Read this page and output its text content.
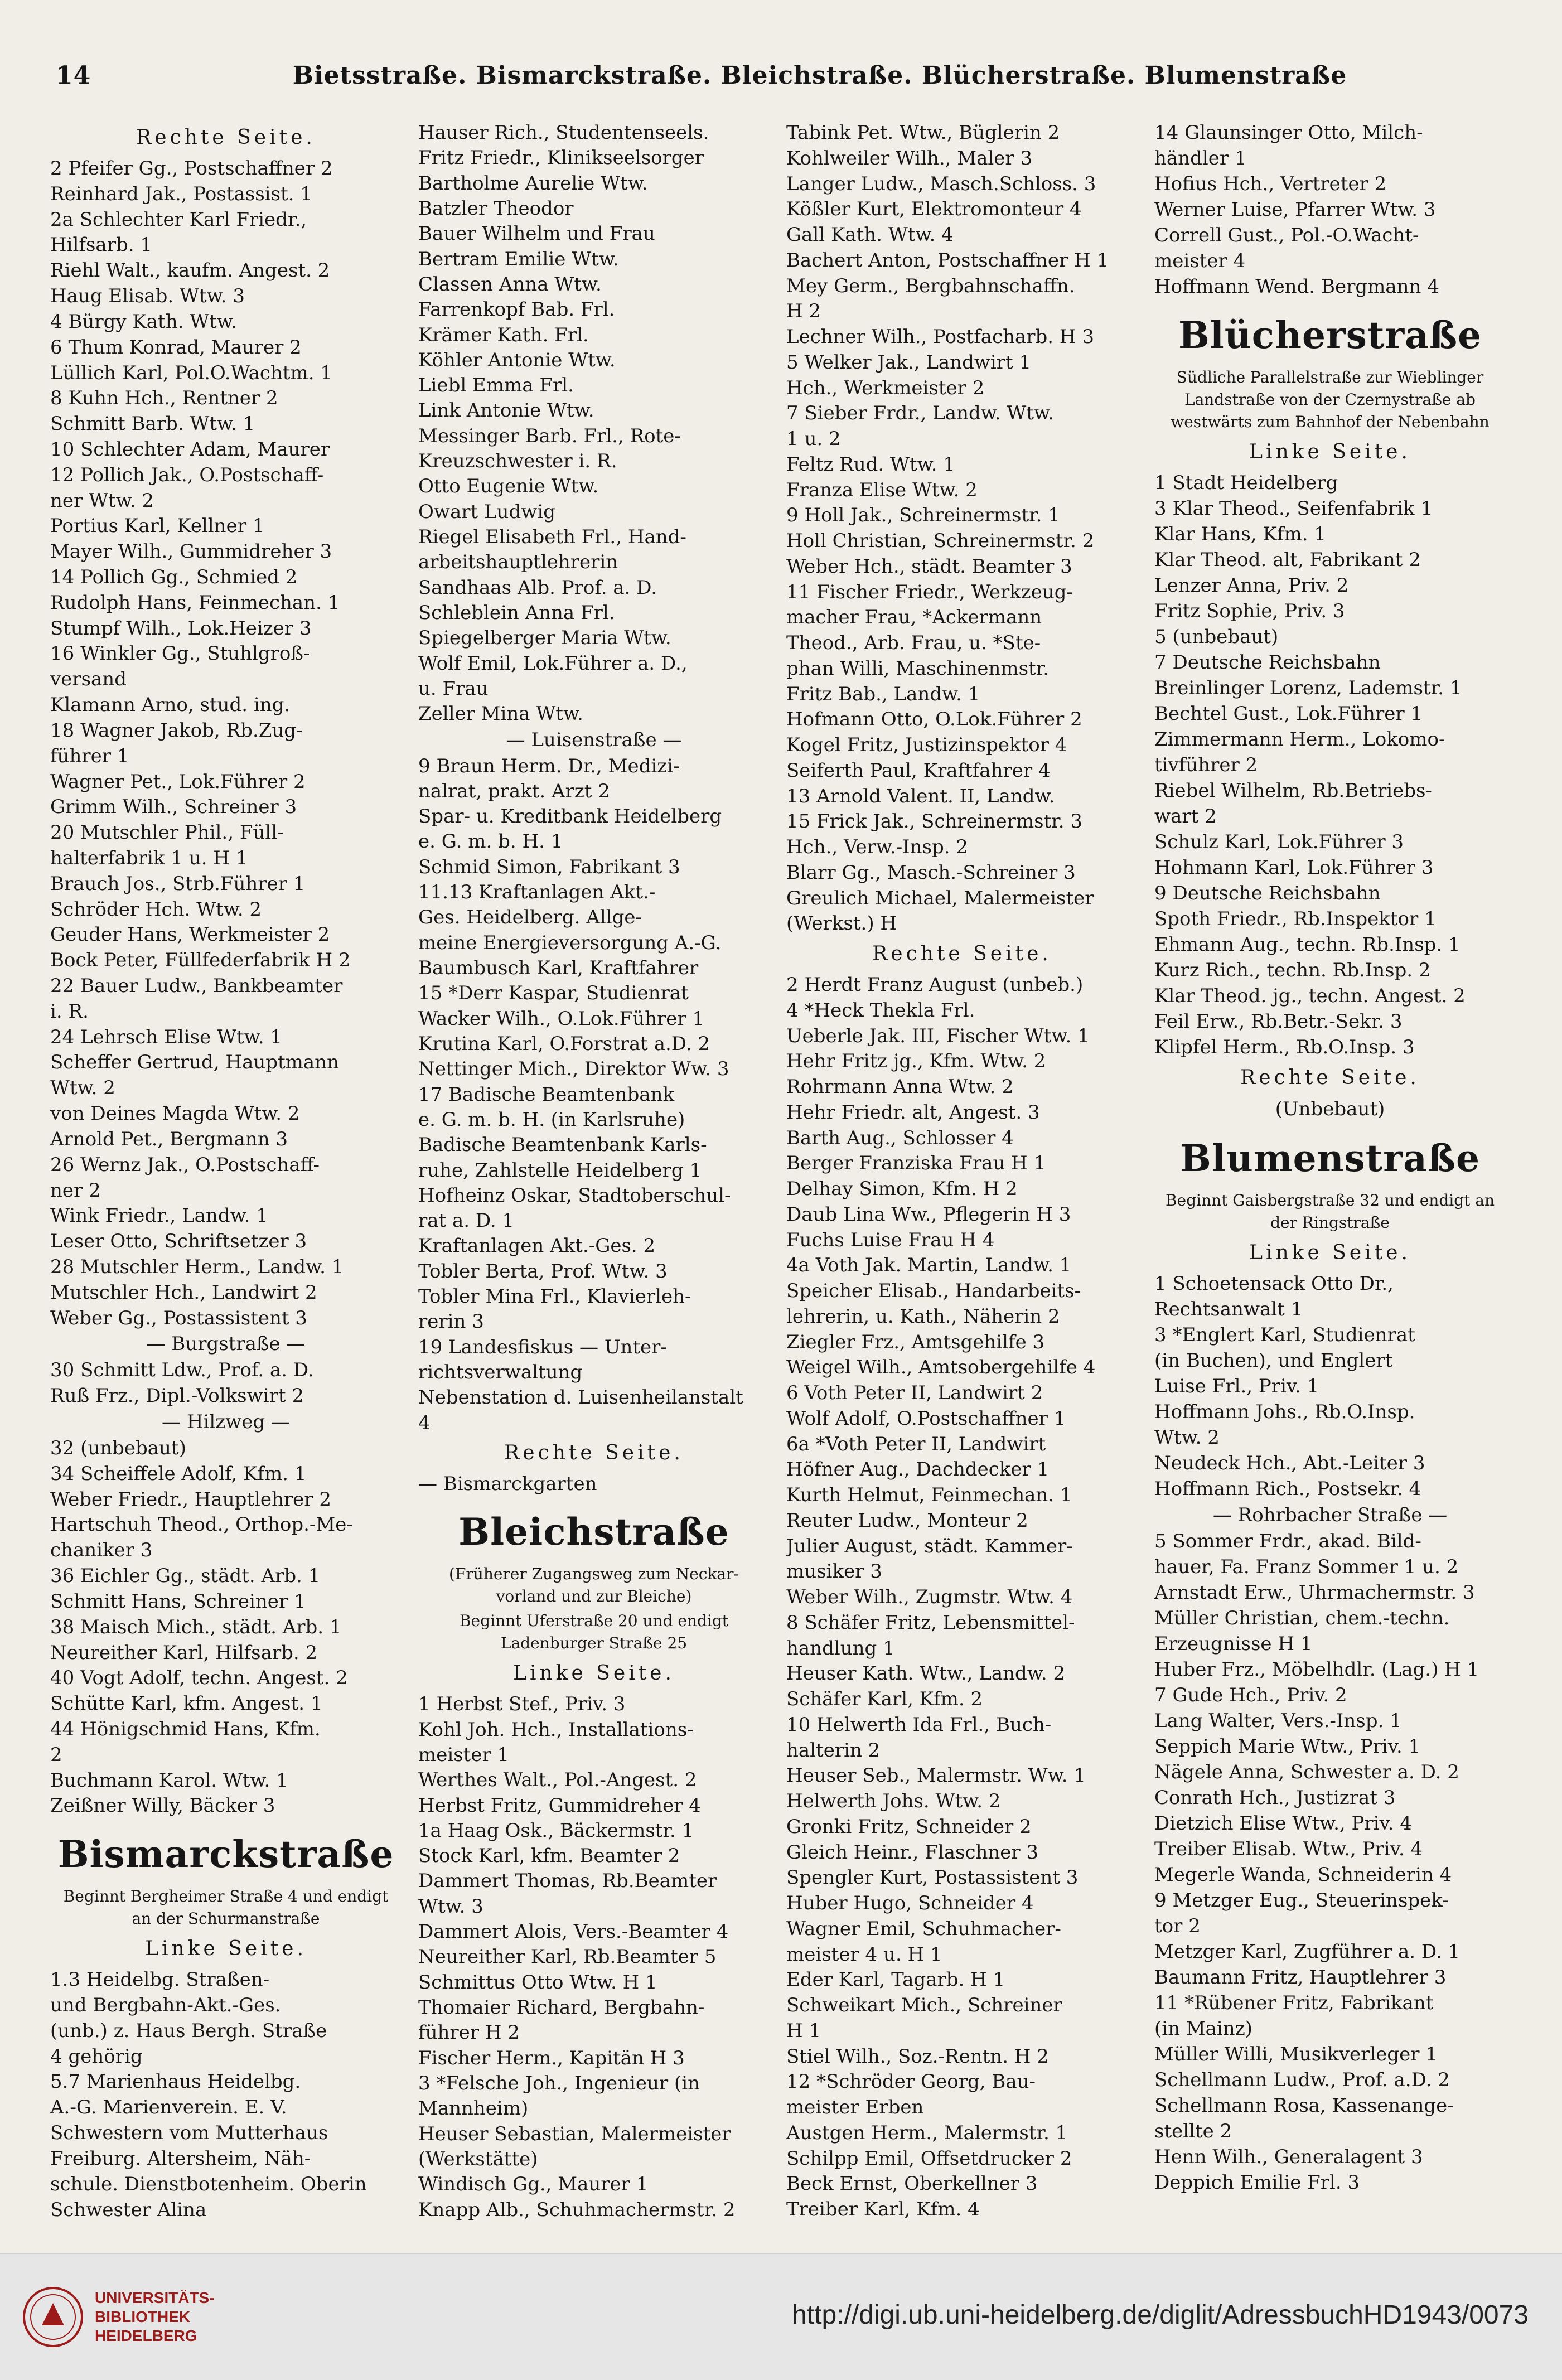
14	Bietsstraße. Bismarckstraße. Bleichstraße. Blücherstraße. Blumenstraße
Rechte Seite.
2 Pfeifer Gg., Postschaffner 2
Reinhard Jak., Postassist. 1
2a Schlechter Karl Friedr.,
Hilfsarb. 1
Riehl Walt., kaufm. Angest. 2
Haug Elisab. Wtw. 3
4 Bürgy Kath. Wtw.
6 Thum Konrad, Maurer 2
Lüllich Karl, Pol.O.Wachtm. 1
8 Kuhn Hch., Rentner 2
Schmitt Barb. Wtw. 1
10 Schlechter Adam, Maurer
12 Pollich Jak., O.Postschaff-
ner Wtw. 2
Portius Karl, Kellner 1
Mayer Wilh., Gummidreher 3
14 Pollich Gg., Schmied 2
Rudolph Hans, Feinmechan. 1
Stumpf Wilh., Lok.Heizer 3
16 Winkler Gg., Stuhlgroß-
versand
Klamann Arno, stud. ing.
18 Wagner Jakob, Rb.Zug-
führer 1
Wagner Pet., Lok.Führer 2
Grimm Wilh., Schreiner 3
20 Mutschler Phil., Füll-
halterfabrik 1 u. H 1
Brauch Jos., Strb.Führer 1
Schröder Hch. Wtw. 2
Geuder Hans, Werkmeister 2
Bock Peter, Füllfederfabrik H 2
22 Bauer Ludw., Bankbeamter
i. R.
24 Lehrsch Elise Wtw. 1
Scheffer Gertrud, Hauptmann
Wtw. 2
von Deines Magda Wtw. 2
Arnold Pet., Bergmann 3
26 Wernz Jak., O.Postschaff-
ner 2
Wink Friedr., Landw. 1
Leser Otto, Schriftsetzer 3
28 Mutschler Herm., Landw. 1
Mutschler Hch., Landwirt 2
Weber Gg., Postassistent 3
— Burgstraße —
30 Schmitt Ldw., Prof. a. D.
Ruß Frz., Dipl.-Volkswirt 2
— Hilzweg —
32 (unbebaut)
34 Scheiffele Adolf, Kfm. 1
Weber Friedr., Hauptlehrer 2
Hartschuh Theod., Orthop.-Me-
chaniker 3
36 Eichler Gg., städt. Arb. 1
Schmitt Hans, Schreiner 1
38 Maisch Mich., städt. Arb. 1
Neureither Karl, Hilfsarb. 2
40 Vogt Adolf, techn. Angest. 2
Schütte Karl, kfm. Angest. 1
44 Hönigschmid Hans, Kfm.
2
Buchmann Karol. Wtw. 1
Zeißner Willy, Bäcker 3
Bismarckstraße
Beginnt Bergheimer Straße 4 und endigt an der Schurmanstraße
Linke Seite.
1.3 Heidelbg. Straßen-
und Bergbahn-Akt.-Ges.
(unb.) z. Haus Bergh. Straße
4 gehörig
5.7 Marienhaus Heidelbg.
A.-G. Marienverein. E. V.
Schwestern vom Mutterhaus
Freiburg. Altersheim, Näh-
schule. Dienstbotenheim. Oberin
Schwester Alina
Hauser Rich., Studentenseels.
Fritz Friedr., Klinikseelsorger
Bartholme Aurelie Wtw.
Batzler Theodor
Bauer Wilhelm und Frau
Bertram Emilie Wtw.
Classen Anna Wtw.
Farrenkopf Bab. Frl.
Krämer Kath. Frl.
Köhler Antonie Wtw.
Liebl Emma Frl.
Link Antonie Wtw.
Messinger Barb. Frl., Rote-
Kreuzschwester i. R.
Otto Eugenie Wtw.
Owart Ludwig
Riegel Elisabeth Frl., Hand-
arbeitshauptlehrerin
Sandhaas Alb. Prof. a. D.
Schleblein Anna Frl.
Spiegelberger Maria Wtw.
Wolf Emil, Lok.Führer a. D.,
u. Frau
Zeller Mina Wtw.
— Luisenstraße —
9 Braun Herm. Dr., Medizi-
nalrat, prakt. Arzt 2
Spar- u. Kreditbank Heidelberg
e. G. m. b. H. 1
Schmid Simon, Fabrikant 3
11.13 Kraftanlagen Akt.-
Ges. Heidelberg. Allge-
meine Energieversorgung A.-G.
Baumbusch Karl, Kraftfahrer
15 *Derr Kaspar, Studienrat
Wacker Wilh., O.Lok.Führer 1
Krutina Karl, O.Forstrat a.D. 2
Nettinger Mich., Direktor Ww. 3
17 Badische Beamtenbank
e. G. m. b. H. (in Karlsruhe)
Badische Beamtenbank Karls-
ruhe, Zahlstelle Heidelberg 1
Hofheinz Oskar, Stadtoberschul-
rat a. D. 1
Kraftanlagen Akt.-Ges. 2
Tobler Berta, Prof. Wtw. 3
Tobler Mina Frl., Klavierleh-
rerin 3
19 Landesfiskus — Unter-
richtsverwaltung
Nebenstation d. Luisenheilanstalt
4
Rechte Seite.
— Bismarckgarten
Bleichstraße
(Früherer Zugangsweg zum Neckar-vorland und zur Bleiche)
Beginnt Uferstraße 20 und endigt Ladenburger Straße 25
Linke Seite.
1 Herbst Stef., Priv. 3
Kohl Joh. Hch., Installations-
meister 1
Werthes Walt., Pol.-Angest. 2
Herbst Fritz, Gummidreher 4
1a Haag Osk., Bäckermstr. 1
Stock Karl, kfm. Beamter 2
Dammert Thomas, Rb.Beamter
Wtw. 3
Dammert Alois, Vers.-Beamter 4
Neureither Karl, Rb.Beamter 5
Schmittus Otto Wtw. H 1
Thomaier Richard, Bergbahn-
führer H 2
Fischer Herm., Kapitän H 3
3 *Felsche Joh., Ingenieur (in
Mannheim)
Heuser Sebastian, Malermeister
(Werkstätte)
Windisch Gg., Maurer 1
Knapp Alb., Schuhmachermstr. 2
Tabink Pet. Wtw., Büglerin 2
Kohlweiler Wilh., Maler 3
Langer Ludw., Masch.Schloss. 3
Kößler Kurt, Elektromonteur 4
Gall Kath. Wtw. 4
Bachert Anton, Postschaffner H 1
Mey Germ., Bergbahnschaffn.
H 2
Lechner Wilh., Postfacharb. H 3
5 Welker Jak., Landwirt 1
Hch., Werkmeister 2
7 Sieber Frdr., Landw. Wtw.
1 u. 2
Feltz Rud. Wtw. 1
Franza Elise Wtw. 2
9 Holl Jak., Schreinermstr. 1
Holl Christian, Schreinermstr. 2
Weber Hch., städt. Beamter 3
11 Fischer Friedr., Werkzeug-
macher Frau, *Ackermann
Theod., Arb. Frau, u. *Ste-
phan Willi, Maschinenmstr.
Fritz Bab., Landw. 1
Hofmann Otto, O.Lok.Führer 2
Kogel Fritz, Justizinspektor 4
Seiferth Paul, Kraftfahrer 4
13 Arnold Valent. II, Landw.
15 Frick Jak., Schreinermstr. 3
Hch., Verw.-Insp. 2
Blarr Gg., Masch.-Schreiner 3
Greulich Michael, Malermeister
(Werkst.) H
Rechte Seite.
2 Herdt Franz August (unbeb.)
4 *Heck Thekla Frl.
Ueberle Jak. III, Fischer Wtw. 1
Hehr Fritz jg., Kfm. Wtw. 2
Rohrmann Anna Wtw. 2
Hehr Friedr. alt, Angest. 3
Barth Aug., Schlosser 4
Berger Franziska Frau H 1
Delhay Simon, Kfm. H 2
Daub Lina Ww., Pflegerin H 3
Fuchs Luise Frau H 4
4a Voth Jak. Martin, Landw. 1
Speicher Elisab., Handarbeits-
lehrerin, u. Kath., Näherin 2
Ziegler Frz., Amtsgehilfe 3
Weigel Wilh., Amtsobergehilfe 4
6 Voth Peter II, Landwirt 2
Wolf Adolf, O.Postschaffner 1
6a *Voth Peter II, Landwirt
Höfner Aug., Dachdecker 1
Kurth Helmut, Feinmechan. 1
Reuter Ludw., Monteur 2
Julier August, städt. Kammer-
musiker 3
Weber Wilh., Zugmstr. Wtw. 4
8 Schäfer Fritz, Lebensmittel-
handlung 1
Heuser Kath. Wtw., Landw. 2
Schäfer Karl, Kfm. 2
10 Helwerth Ida Frl., Buch-
halterin 2
Heuser Seb., Malermstr. Ww. 1
Helwerth Johs. Wtw. 2
Gronki Fritz, Schneider 2
Gleich Heinr., Flaschner 3
Spengler Kurt, Postassistent 3
Huber Hugo, Schneider 4
Wagner Emil, Schuhmacher-
meister 4 u. H 1
Eder Karl, Tagarb. H 1
Schweikart Mich., Schreiner
H 1
Stiel Wilh., Soz.-Rentn. H 2
12 *Schröder Georg, Bau-
meister Erben
Austgen Herm., Malermstr. 1
Schilpp Emil, Offsetdrucker 2
Beck Ernst, Oberkellner 3
Treiber Karl, Kfm. 4
14 Glaunsinger Otto, Milch-
händler 1
Hofius Hch., Vertreter 2
Werner Luise, Pfarrer Wtw. 3
Correll Gust., Pol.-O.Wacht-
meister 4
Hoffmann Wend. Bergmann 4
Blücherstraße
Südliche Parallelstraße zur Wieblinger Landstraße von der Czernystraße ab westwärts zum Bahnhof der Nebenbahn
Linke Seite.
1 Stadt Heidelberg
3 Klar Theod., Seifenfabrik 1
Klar Hans, Kfm. 1
Klar Theod. alt, Fabrikant 2
Lenzer Anna, Priv. 2
Fritz Sophie, Priv. 3
5 (unbebaut)
7 Deutsche Reichsbahn
Breinlinger Lorenz, Lademstr. 1
Bechtel Gust., Lok.Führer 1
Zimmermann Herm., Lokomo-
tivführer 2
Riebel Wilhelm, Rb.Betriebs-
wart 2
Schulz Karl, Lok.Führer 3
Hohmann Karl, Lok.Führer 3
9 Deutsche Reichsbahn
Spoth Friedr., Rb.Inspektor 1
Ehmann Aug., techn. Rb.Insp. 1
Kurz Rich., techn. Rb.Insp. 2
Klar Theod. jg., techn. Angest. 2
Feil Erw., Rb.Betr.-Sekr. 3
Klipfel Herm., Rb.O.Insp. 3
Rechte Seite.
(Unbebaut)
Blumenstraße
Beginnt Gaisbergstraße 32 und endigt an der Ringstraße
Linke Seite.
1 Schoetensack Otto Dr.,
Rechtsanwalt 1
3 *Englert Karl, Studienrat
(in Buchen), und Englert
Luise Frl., Priv. 1
Hoffmann Johs., Rb.O.Insp.
Wtw. 2
Neudeck Hch., Abt.-Leiter 3
Hoffmann Rich., Postsekr. 4
— Rohrbacher Straße —
5 Sommer Frdr., akad. Bild-
hauer, Fa. Franz Sommer 1 u. 2
Arnstadt Erw., Uhrmachermstr. 3
Müller Christian, chem.-techn.
Erzeugnisse H 1
Huber Frz., Möbelhdlr. (Lag.) H 1
7 Gude Hch., Priv. 2
Lang Walter, Vers.-Insp. 1
Seppich Marie Wtw., Priv. 1
Nägele Anna, Schwester a. D. 2
Conrath Hch., Justizrat 3
Dietzich Elise Wtw., Priv. 4
Treiber Elisab. Wtw., Priv. 4
Megerle Wanda, Schneiderin 4
9 Metzger Eug., Steuerinspek-
tor 2
Metzger Karl, Zugführer a. D. 1
Baumann Fritz, Hauptlehrer 3
11 *Rübener Fritz, Fabrikant
(in Mainz)
Müller Willi, Musikverleger 1
Schellmann Ludw., Prof. a.D. 2
Schellmann Rosa, Kassenange-
stellte 2
Henn Wilh., Generalagent 3
Deppich Emilie Frl. 3
UNIVERSITÄTS-
BIBLIOTHEK
HEIDELBERG
http://digi.ub.uni-heidelberg.de/diglit/AdressbuchHD1943/0073
